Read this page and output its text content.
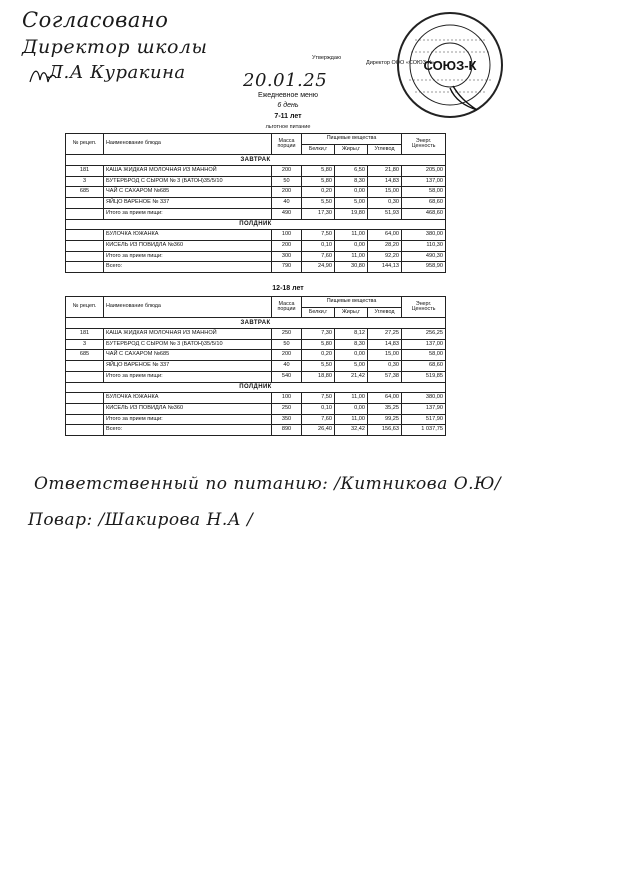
Согласовано
Директор школы
Л.А Куракина
Утверждаю
Директор ООО «СОЮЗ-К»
СОЮЗ-К
20.01.25
Ежедневное меню
6 день
7-11 лет
льготное питание
№ рецеп.	Наименование блюда	Масса порции	Пищевые вещества			Энерг. Ценность
			Белки,г	Жиры,г	Углевод	
ЗАВТРАК						
181	КАША ЖИДКАЯ МОЛОЧНАЯ ИЗ МАННОЙ	200	5,80	6,50	21,80	205,00
3	БУТЕРБРОД С СЫРОМ № 3 (БАТОН)35/5/10	50	5,80	8,30	14,83	137,00
685	ЧАЙ С САХАРОМ №685	200	0,20	0,00	15,00	58,00
	ЯЙЦО ВАРЕНОЕ № 337	40	5,50	5,00	0,30	68,60
	Итого за прием пищи:	490	17,30	19,80	51,93	468,60
ПОЛДНИК						
	БУЛОЧКА ЮЖАНКА	100	7,50	11,00	64,00	380,00
	КИСЕЛЬ ИЗ ПОВИДЛА №360	200	0,10	0,00	28,20	110,30
	Итого за прием пищи:	300	7,60	11,00	92,20	490,30
	Всего:	790	24,90	30,80	144,13	958,90
12-18 лет
№ рецеп.	Наименование блюда	Масса порции	Пищевые вещества			Энерг. Ценность
			Белки,г	Жиры,г	Углевод	
ЗАВТРАК						
181	КАША ЖИДКАЯ МОЛОЧНАЯ ИЗ МАННОЙ	250	7,30	8,12	27,25	256,25
3	БУТЕРБРОД С СЫРОМ № 3 (БАТОН)35/5/10	50	5,80	8,30	14,83	137,00
685	ЧАЙ С САХАРОМ №685	200	0,20	0,00	15,00	58,00
	ЯЙЦО ВАРЕНОЕ № 337	40	5,50	5,00	0,30	68,60
	Итого за прием пищи:	540	18,80	21,42	57,38	519,85
ПОЛДНИК						
	БУЛОЧКА ЮЖАНКА	100	7,50	11,00	64,00	380,00
	КИСЕЛЬ ИЗ ПОВИДЛА №360	250	0,10	0,00	35,25	137,90
	Итого за прием пищи:	350	7,60	11,00	99,25	517,90
	Всего:	890	26,40	32,42	156,63	1 037,75
Ответственный по питанию: /Китникова О.Ю/
Повар: /Шакирова Н.А /
